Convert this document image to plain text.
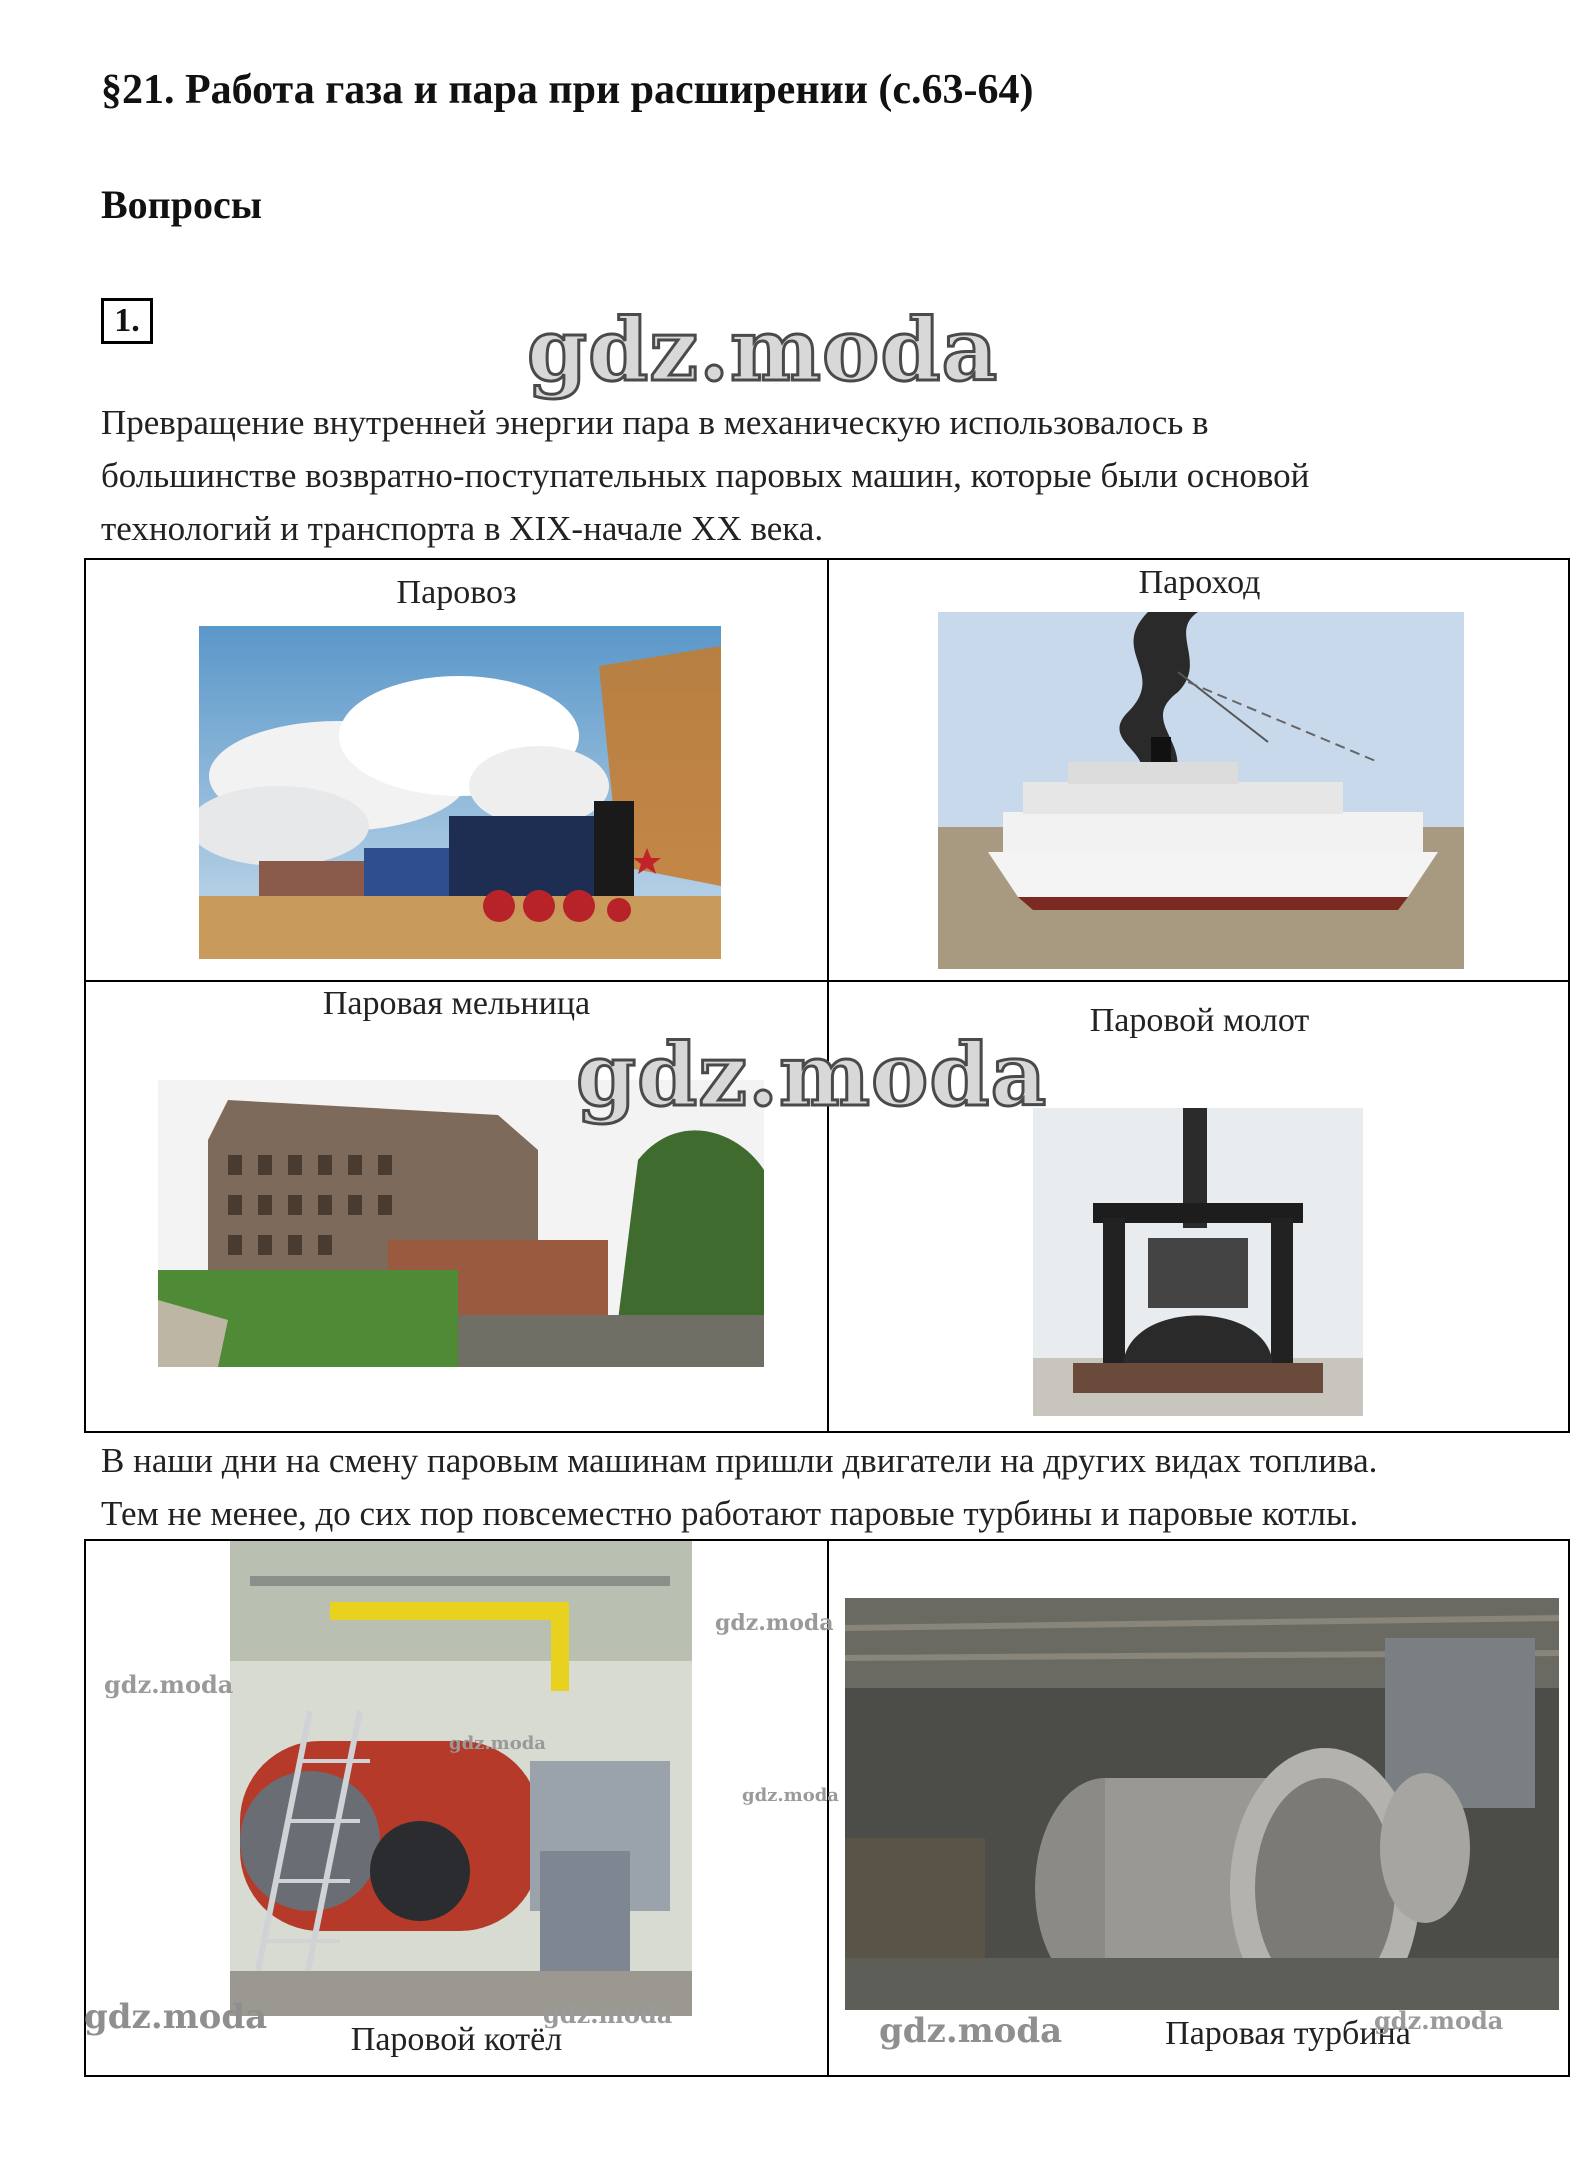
§21. Работа газа и пара при расширении (с.63-64)
Вопросы
1.
Превращение внутренней энергии пара в механическую использовалось в
большинстве возвратно-поступательных паровых машин, которые были основой
технологий и транспорта в XIX-начале XX века.
Паровоз	Пароход
Паровая мельница	Паровой молот
gdz.moda
gdz.moda
В наши дни на смену паровым машинам пришли двигатели на других видах топлива.
Тем не менее, до сих пор повсеместно работают паровые турбины и паровые котлы.
Паровой котёл	Паровая турбина
gdz.moda
gdz.moda
gdz.moda
gdz.moda
gdz.moda	gdz.moda	gdz.moda	gdz.moda
